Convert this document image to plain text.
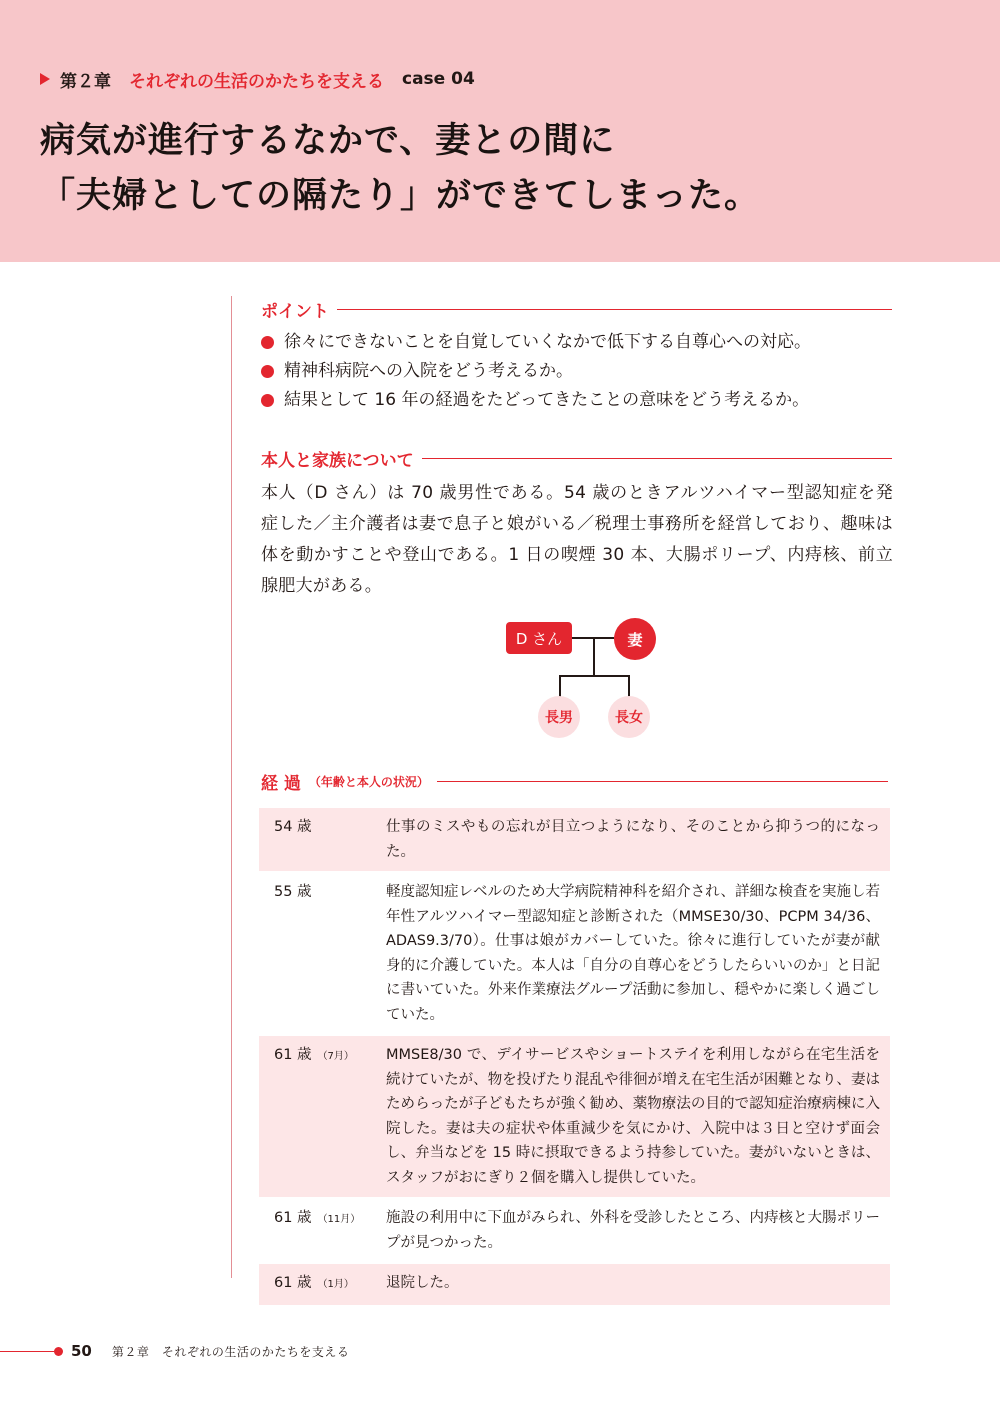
第２章 それぞれの生活のかたちを支える case 04
病気が進行するなかで、妻との間に
「夫婦としての隔たり」ができてしまった。
ポイント
徐々にできないことを自覚していくなかで低下する自尊心への対応。
精神科病院への入院をどう考えるか。
結果として 16 年の経過をたどってきたことの意味をどう考えるか。
本人と家族について

本人（D さん）は 70 歳男性である。54 歳のときアルツハイマー型認知症を発症した／主介護者は妻で息子と娘がいる／税理士事務所を経営しており、趣味は体を動かすことや登山である。1 日の喫煙 30 本、大腸ポリープ、内痔核、前立腺肥大がある。

D さん	妻
長男	長女
経 過 （年齢と本人の状況）
54 歳	仕事のミスやもの忘れが目立つようになり、そのことから抑うつ的になった。
55 歳	軽度認知症レベルのため大学病院精神科を紹介され、詳細な検査を実施し若年性アルツハイマー型認知症と診断された（MMSE30/30、PCPM 34/36、ADAS9.3/70）。仕事は娘がカバーしていた。徐々に進行していたが妻が献身的に介護していた。本人は「自分の自尊心をどうしたらいいのか」と日記に書いていた。外来作業療法グループ活動に参加し、穏やかに楽しく過ごしていた。
61 歳 （7月）	MMSE8/30 で、デイサービスやショートステイを利用しながら在宅生活を続けていたが、物を投げたり混乱や徘徊が増え在宅生活が困難となり、妻はためらったが子どもたちが強く勧め、薬物療法の目的で認知症治療病棟に入院した。妻は夫の症状や体重減少を気にかけ、入院中は３日と空けず面会し、弁当などを 15 時に摂取できるよう持参していた。妻がいないときは、スタッフがおにぎり２個を購入し提供していた。
61 歳 （11月）	施設の利用中に下血がみられ、外科を受診したところ、内痔核と大腸ポリープが見つかった。
61 歳 （1月）	退院した。
50 第２章　それぞれの生活のかたちを支える
